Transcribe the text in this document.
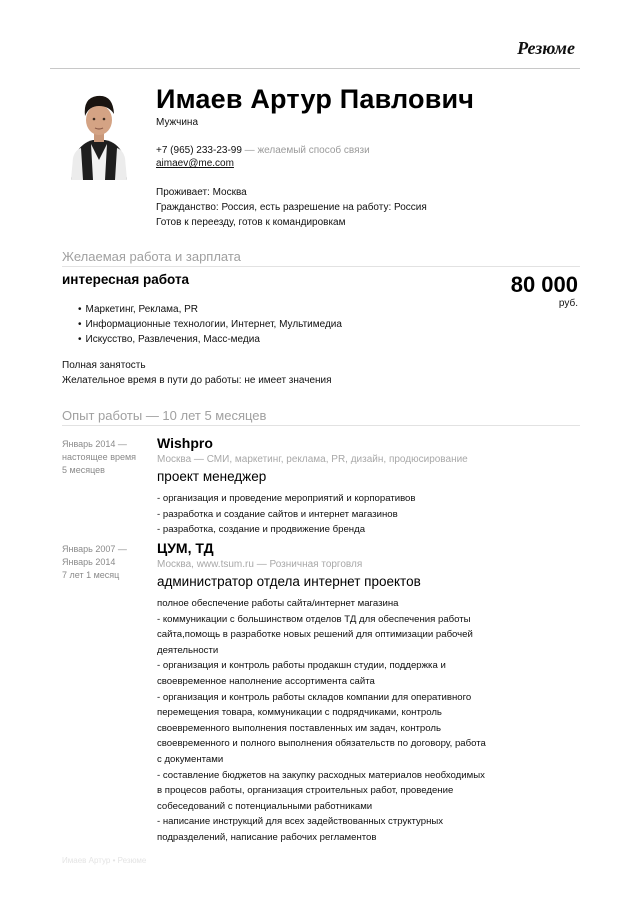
Резюме
Имаев Артур Павлович
Мужчина
+7 (965) 233-23-99 — желаемый способ связи
aimaev@me.com
Проживает: Москва
Гражданство: Россия, есть разрешение на работу: Россия
Готов к переезду, готов к командировкам
Желаемая работа и зарплата
интересная работа	80 000
руб.
• Маркетинг, Реклама, PR
• Информационные технологии, Интернет, Мультимедиа
• Искусство, Развлечения, Масс-медиа
Полная занятость
Желательное время в пути до работы: не имеет значения
Опыт работы — 10 лет 5 месяцев
Январь 2014 —
настоящее время
5 месяцев
Wishpro
Москва — СМИ, маркетинг, реклама, PR, дизайн, продюсирование
проект менеджер
- организация и проведение мероприятий и корпоративов
- разработка и создание сайтов и интернет магазинов
- разработка, создание и продвижение бренда
Январь 2007 —
Январь 2014
7 лет 1 месяц
ЦУМ, ТД
Москва, www.tsum.ru — Розничная торговля
администратор отдела интернет проектов
полное обеспечение работы сайта/интернет магазина
- коммуникации с большинством отделов ТД для обеспечения работы сайта,помощь в разработке новых решений для оптимизации рабочей деятельности
- организация и контроль работы продакшн студии, поддержка и своевременное наполнение ассортимента сайта
- организация и контроль работы складов компании для оперативного перемещения товара, коммуникации с подрядчиками, контроль своевременного выполнения поставленных им задач, контроль своевременного и полного выполнения обязательств по договору, работа с документами
- составление бюджетов на закупку расходных материалов необходимых в процесов работы, организация строительных работ, проведение собеседований с потенциальными работниками
- написание инструкций для всех задействованных структурных подразделений, написание рабочих регламентов
Имаев Артур • Резюме
